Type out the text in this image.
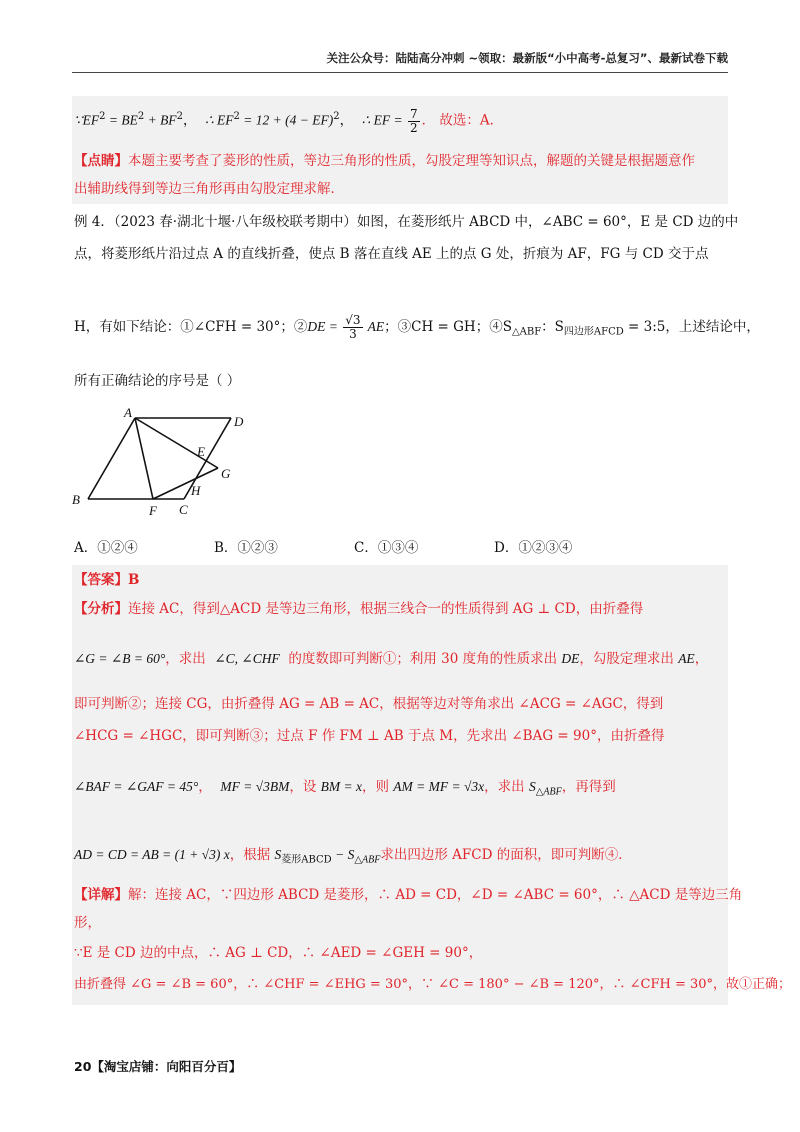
关注公众号：陆陆高分冲刺 ~领取：最新版“小中高考-总复习”、最新试卷下载
$\because EF^2 = BE^2 + BF^2$，  ∴ $EF^2 = 12 + (4 - EF)^2$，  ∴ EF = $\frac{7}{2}$ ． 故选：A．
【点睛】本题主要考查了菱形的性质，等边三角形的性质，勾股定理等知识点，解题的关键是根据题意作
出辅助线得到等边三角形再由勾股定理求解．
例 4．（2023 春·湖北十堰·八年级校联考期中）如图，在菱形纸片 ABCD 中，∠ABC = 60°，E 是 CD 边的中
点，将菱形纸片沿过点 A 的直线折叠，使点 B 落在直线 AE 上的点 G 处，折痕为 AF，FG 与 CD 交于点
H，有如下结论：①∠CFH = 30°；②DE = $\frac{√3}{3}$ AE；③CH = GH；$④S_{\triangle ABF}$：$S_{四边形AFCD}$ = 3:5，上述结论中，
所有正确结论的序号是（ ）
A
B
C
D
E
F
G
H
A．①②④	B．①②③	C．①③④	D．①②③④
【答案】B
【分析】连接 AC，得到△ACD 是等边三角形，根据三线合一的性质得到 AG ⊥ CD，由折叠得
∠G = ∠B = 60°，求出 ∠C, ∠CHF 的度数即可判断①；利用 30 度角的性质求出 DE，勾股定理求出 AE，
即可判断②；连接 CG，由折叠得 AG = AB = AC，根据等边对等角求出 ∠ACG = ∠AGC，得到
∠HCG = ∠HGC，即可判断③；过点 F 作 FM ⊥ AB 于点 M，先求出 ∠BAG = 90°，由折叠得
∠BAF = ∠GAF = 45°， MF = √3BM，设 BM = x，则 AM = MF = √3x，求出 $S_{\triangle ABF}$，再得到
AD = CD = AB = (1 + √3) x，根据 $S_{菱形ABCD} - S_{\triangle ABF}$求出四边形 AFCD 的面积，即可判断④．
【详解】解：连接 AC，∵四边形 ABCD 是菱形，∴ AD = CD，∠D = ∠ABC = 60°，∴ △ACD 是等边三角
形，
∵E 是 CD 边的中点，∴ AG ⊥ CD，∴ ∠AED = ∠GEH = 90°，
由折叠得 ∠G = ∠B = 60°，∴ ∠CHF = ∠EHG = 30°，∵ ∠C = 180° − ∠B = 120°，∴ ∠CFH = 30°，故①正确；
20【淘宝店铺：向阳百分百】
